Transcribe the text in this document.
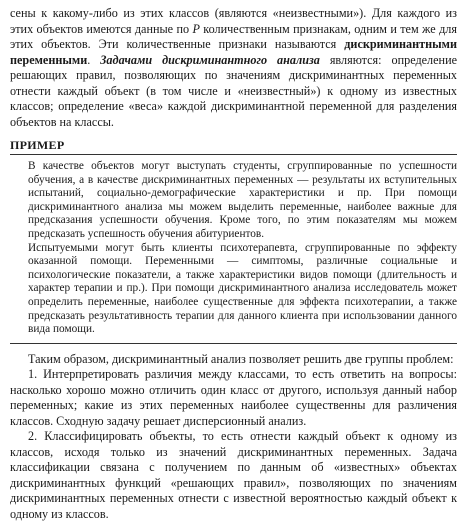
сены к какому-либо из этих классов (являются «неизвестными»). Для каждого из этих объектов имеются данные по P количественным признакам, одним и тем же для этих объектов. Эти количественные признаки называются дискриминантными переменными. Задачами дискриминантного анализа являются: определение решающих правил, позволяющих по значениям дискриминантных переменных отнести каждый объект (в том числе и «неизвестный») к одному из известных классов; определение «веса» каждой дискриминантной переменной для разделения объектов на классы.

ПРИМЕР

В качестве объектов могут выступать студенты, сгруппированные по успешности обучения, а в качестве дискриминантных переменных — результаты их вступительных испытаний, социально-демографические характеристики и пр. При помощи дискриминантного анализа мы можем выделить переменные, наиболее важные для предсказания успешности обучения. Кроме того, по этим показателям мы можем предсказать успешность обучения абитуриентов.

Испытуемыми могут быть клиенты психотерапевта, сгруппированные по эффекту оказанной помощи. Переменными — симптомы, различные социальные и психологические показатели, а также характеристики видов помощи (длительность и характер терапии и пр.). При помощи дискриминантного анализа исследователь может определить переменные, наиболее существенные для эффекта психотерапии, а также предсказать результативность терапии для данного клиента при использовании данного вида помощи.

Таким образом, дискриминантный анализ позволяет решить две группы проблем:

1. Интерпретировать различия между классами, то есть ответить на вопросы: насколько хорошо можно отличить один класс от другого, используя данный набор переменных; какие из этих переменных наиболее существенны для различения классов. Сходную задачу решает дисперсионный анализ.

2. Классифицировать объекты, то есть отнести каждый объект к одному из классов, исходя только из значений дискриминантных переменных. Задача классификации связана с получением по данным об «известных» объектах дискриминантных функций «решающих правил», позволяющих по значениям дискриминантных переменных отнести с известной вероятностью каждый объект к одному из классов.
